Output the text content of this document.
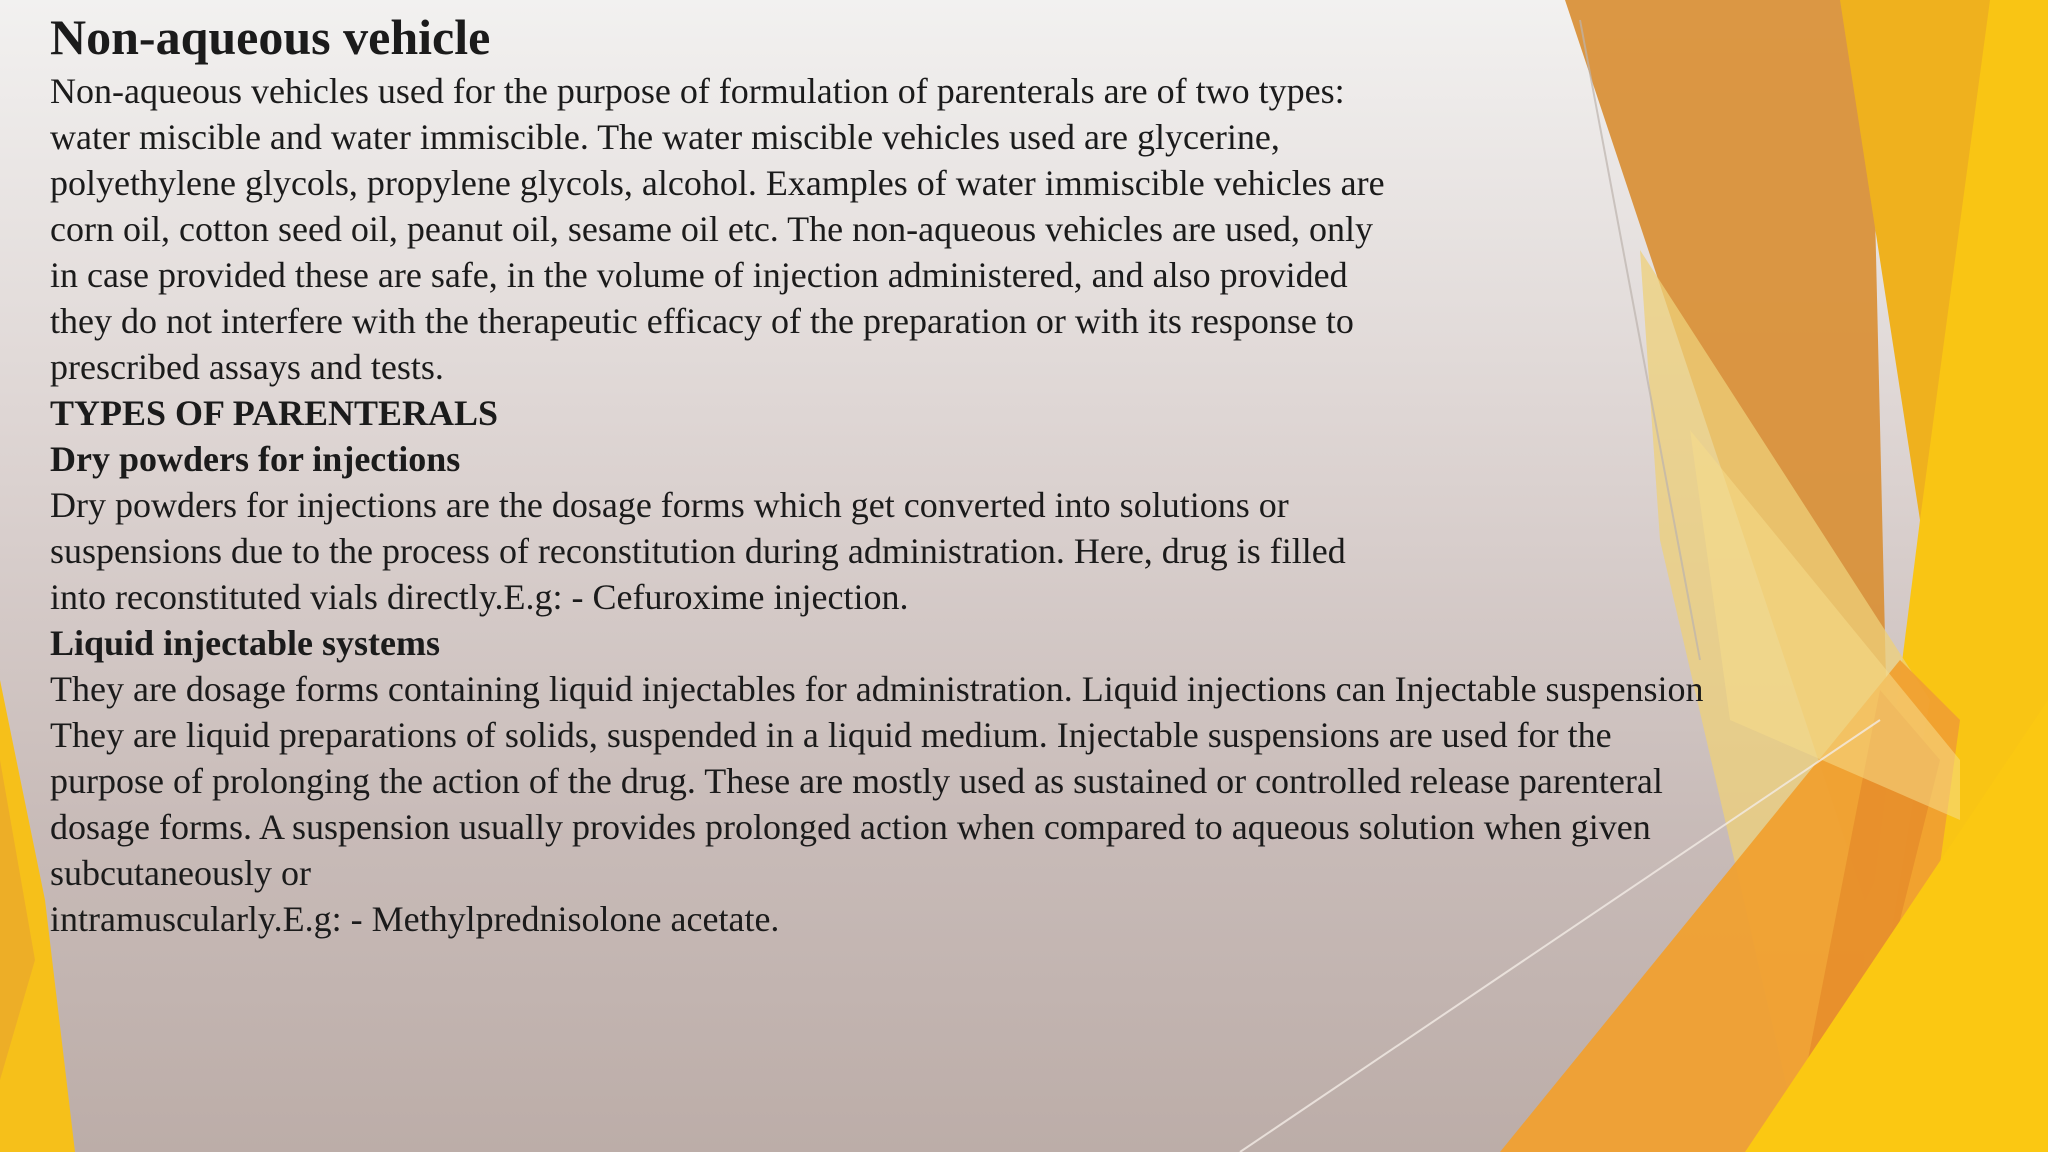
Non-aqueous vehicle

Non-aqueous vehicles used for the purpose of formulation of parenterals are of two types:

water miscible and water immiscible. The water miscible vehicles used are glycerine,

polyethylene glycols, propylene glycols, alcohol. Examples of water immiscible vehicles are

corn oil, cotton seed oil, peanut oil, sesame oil etc. The non-aqueous vehicles are used, only

in case provided these are safe, in the volume of injection administered, and also provided

they do not interfere with the therapeutic efficacy of the preparation or with its response to

prescribed assays and tests.

TYPES OF PARENTERALS

Dry powders for injections

Dry powders for injections are the dosage forms which get converted into solutions or

suspensions due to the process of reconstitution during administration. Here, drug is filled

into reconstituted vials directly.E.g: - Cefuroxime injection.

Liquid injectable systems

They are dosage forms containing liquid injectables for administration. Liquid injections can Injectable suspension

They are liquid preparations of solids, suspended in a liquid medium. Injectable suspensions are used for the

purpose of prolonging the action of the drug. These are mostly used as sustained or controlled release parenteral

dosage forms. A suspension usually provides prolonged action when compared to aqueous solution when given

subcutaneously or

intramuscularly.E.g: - Methylprednisolone acetate.
